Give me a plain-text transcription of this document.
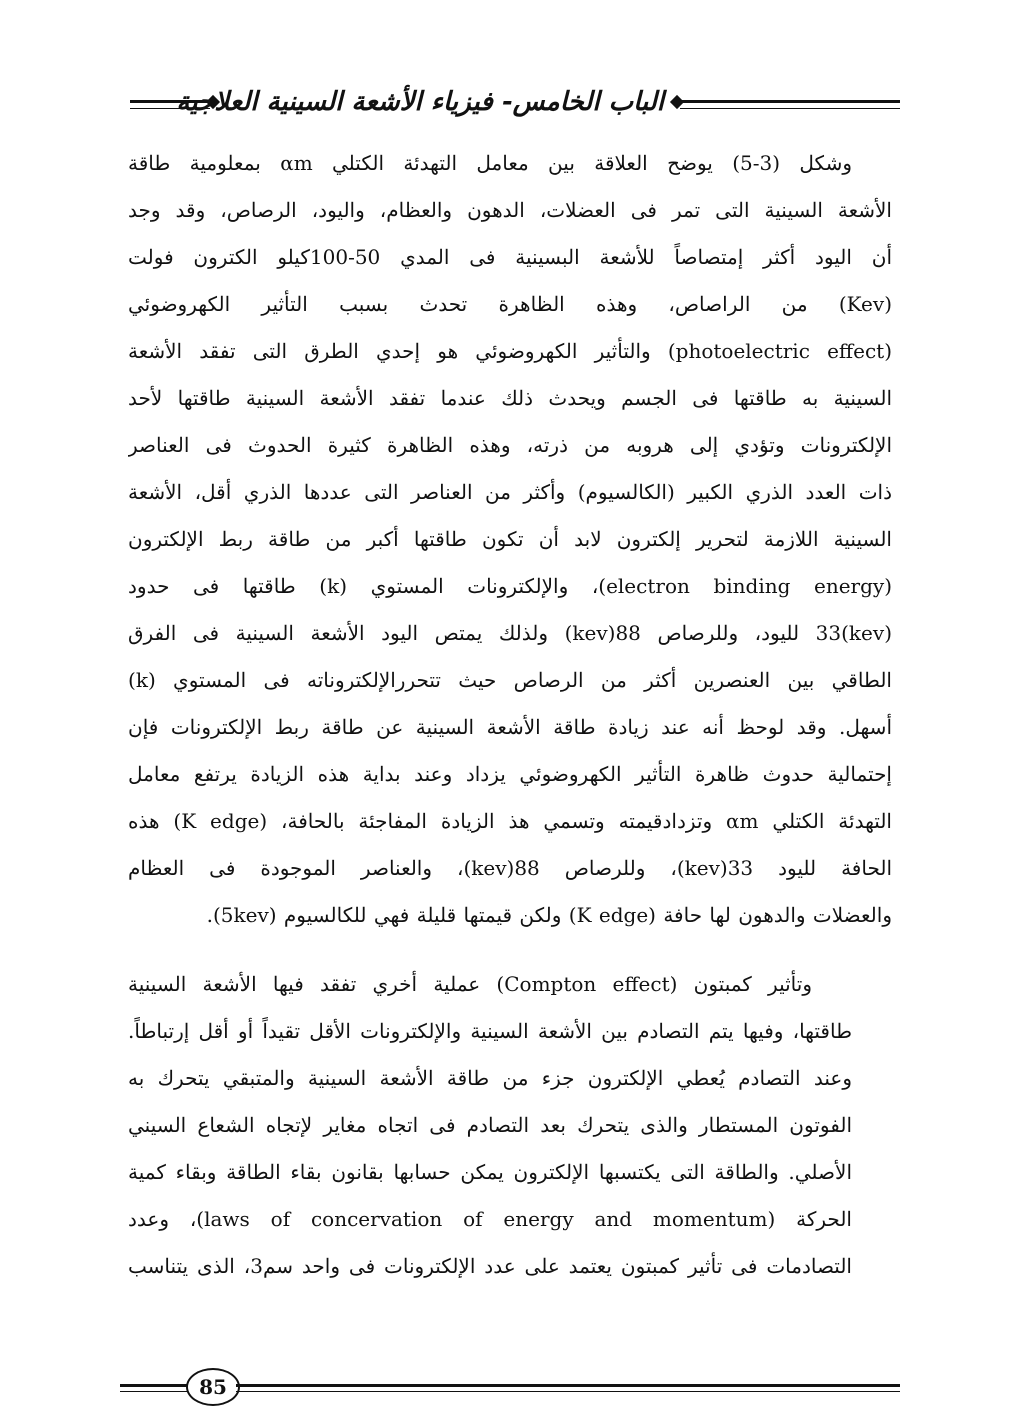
الباب الخامس- فيزياء الأشعة السينية العلاجية

وشكل (3-5) يوضح العلاقة بين معامل التهدئة الكتلي αm بمعلومية طاقة
الأشعة السينية التى تمر فى العضلات، الدهون والعظام، واليود، الرصاص، وقد وجد
أن اليود أكثر إمتصاصاً للأشعة البسينية فى المدي 50-100كيلو الكترون فولت
(Kev) من الراصاص، وهذه الظاهرة تحدث بسبب التأثير الكهروضوئي
(photoelectric effect) والتأثير الكهروضوئي هو إحدي الطرق التى تفقد الأشعة
السينية به طاقتها فى الجسم ويحدث ذلك عندما تفقد الأشعة السينية طاقتها لأحد
الإلكترونات وتؤدي إلى هروبه من ذرته، وهذه الظاهرة كثيرة الحدوث فى العناصر
ذات العدد الذري الكبير (الكالسيوم) وأكثر من العناصر التى عددها الذري أقل، الأشعة
السينية اللازمة لتحرير إلكترون لابد أن تكون طاقتها أكبر من طاقة ربط الإلكترون
(electron binding energy)، والإلكترونات المستوي (k) طاقتها فى حدود
(kev)33 لليود، وللرصاص 88(kev) ولذلك يمتص اليود الأشعة السينية فى الفرق
الطاقي بين العنصرين أكثر من الرصاص حيث تتحررالإلكتروناته فى المستوي (k)
أسهل. وقد لوحظ أنه عند زيادة طاقة الأشعة السينية عن طاقة ربط الإلكترونات فإن
إحتمالية حدوث ظاهرة التأثير الكهروضوئي يزداد وعند بداية هذه الزيادة يرتفع معامل
التهدئة الكتلي αm وتزدادقيمته وتسمي هذ الزيادة المفاجئة بالحافة، (K edge) هذه
الحافة لليود 33(kev)، وللرصاص 88(kev)، والعناصر الموجودة فى العظام
والعضلات والدهون لها حافة (K edge) ولكن قيمتها قليلة فهي للكالسيوم (5kev).

وتأثير كمبتون (Compton effect) عملية أخري تفقد فيها الأشعة السينية
طاقتها، وفيها يتم التصادم بين الأشعة السينية والإلكترونات الأقل تقيداً أو أقل إرتباطاً.
وعند التصادم يُعطي الإلكترون جزء من طاقة الأشعة السينية والمتبقي يتحرك به
الفوتون المستطار والذى يتحرك بعد التصادم فى اتجاه مغاير لإتجاه الشعاع السيني
الأصلي. والطاقة التى يكتسبها الإلكترون يمكن حسابها بقانون بقاء الطاقة وبقاء كمية
الحركة (laws of concervation of energy and momentum)، وعدد
التصادمات فى تأثير كمبتون يعتمد على عدد الإلكترونات فى واحد سم3، الذى يتناسب

85
